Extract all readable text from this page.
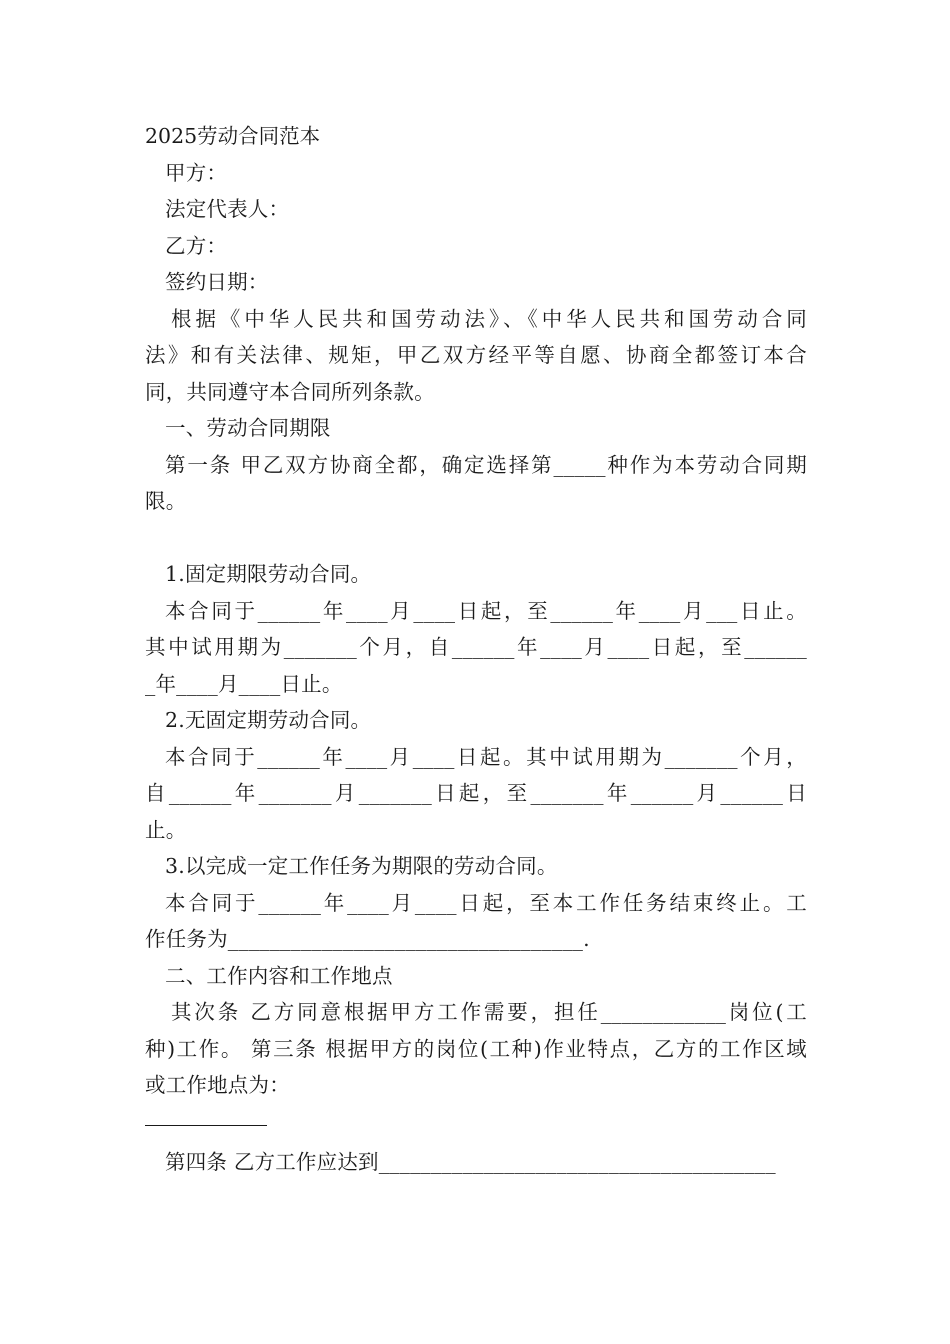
2025劳动合同范本
甲方：
法定代表人：
乙方：
签约日期：
根据《中华人民共和国劳动法》、《中华人民共和国劳动合同
法》和有关法律、规矩，甲乙双方经平等自愿、协商全都签订本合
同，共同遵守本合同所列条款。
一、劳动合同期限
第一条 甲乙双方协商全都，确定选择第_____种作为本劳动合同期
限。
1.固定期限劳动合同。
本合同于______年____月____日起，至______年____月___日止。
其中试用期为_______个月，自______年____月____日起，至______
_年____月____日止。
2.无固定期劳动合同。
本合同于______年____月____日起。其中试用期为_______个月，
自______年_______月_______日起，至_______年______月______日
止。
3.以完成一定工作任务为期限的劳动合同。
本合同于______年____月____日起，至本工作任务结束终止。工
作任务为__________________________________.
二、工作内容和工作地点
其次条 乙方同意根据甲方工作需要，担任____________岗位(工
种)工作。 第三条 根据甲方的岗位(工种)作业特点，乙方的工作区域
或工作地点为：
第四条 乙方工作应达到______________________________________
